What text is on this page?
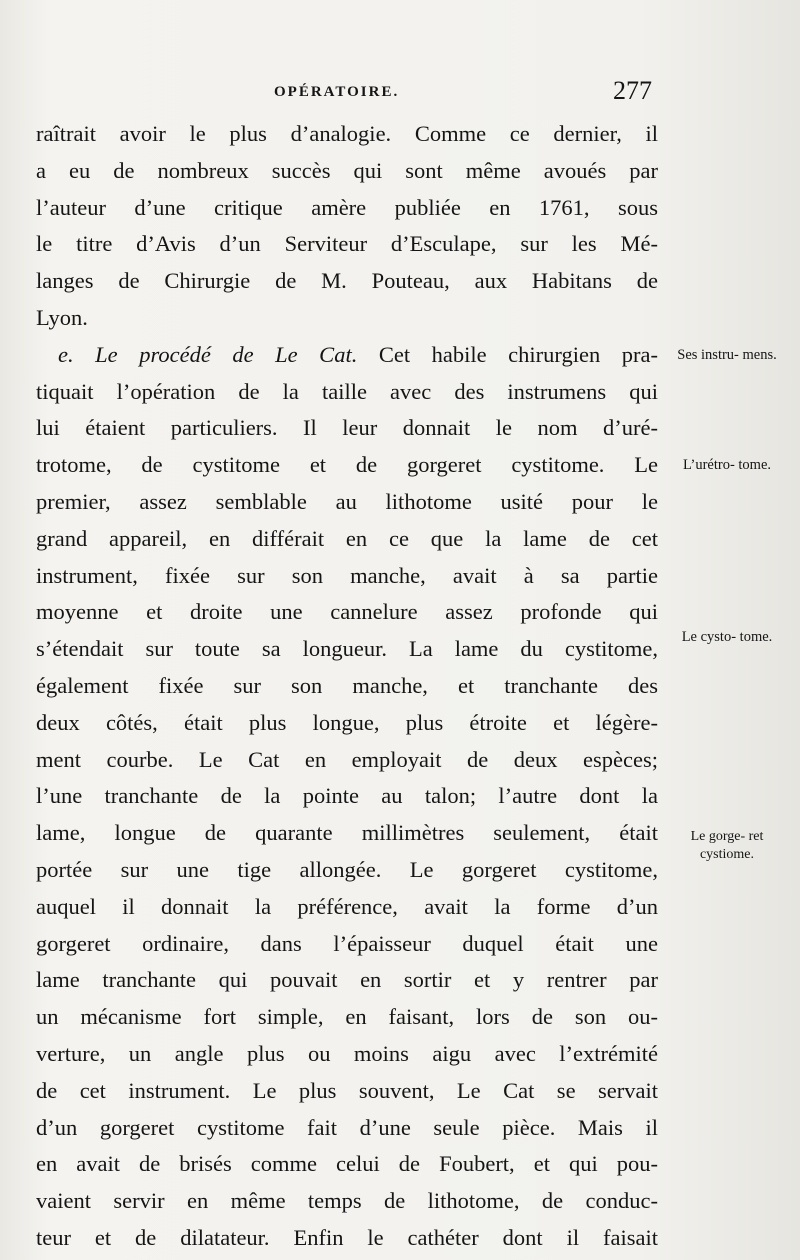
OPÉRATOIRE.	277
raîtrait avoir le plus d’analogie. Comme ce dernier, il
a eu de nombreux succès qui sont même avoués par
l’auteur d’une critique amère publiée en 1761, sous
le titre d’Avis d’un Serviteur d’Esculape, sur les Mé-
langes de Chirurgie de M. Pouteau, aux Habitans de
Lyon.
e. Le procédé de Le Cat. Cet habile chirurgien pra-
tiquait l’opération de la taille avec des instrumens qui
lui étaient particuliers. Il leur donnait le nom d’uré-
trotome, de cystitome et de gorgeret cystitome. Le
premier, assez semblable au lithotome usité pour le
grand appareil, en différait en ce que la lame de cet
instrument, fixée sur son manche, avait à sa partie
moyenne et droite une cannelure assez profonde qui
s’étendait sur toute sa longueur. La lame du cystitome,
également fixée sur son manche, et tranchante des
deux côtés, était plus longue, plus étroite et légère-
ment courbe. Le Cat en employait de deux espèces;
l’une tranchante de la pointe au talon; l’autre dont la
lame, longue de quarante millimètres seulement, était
portée sur une tige allongée. Le gorgeret cystitome,
auquel il donnait la préférence, avait la forme d’un
gorgeret ordinaire, dans l’épaisseur duquel était une
lame tranchante qui pouvait en sortir et y rentrer par
un mécanisme fort simple, en faisant, lors de son ou-
verture, un angle plus ou moins aigu avec l’extrémité
de cet instrument. Le plus souvent, Le Cat se servait
d’un gorgeret cystitome fait d’une seule pièce. Mais il
en avait de brisés comme celui de Foubert, et qui pou-
vaient servir en même temps de lithotome, de conduc-
teur et de dilatateur. Enfin le cathéter dont il faisait
Ses instru- mens.
L’urétro- tome.
Le cysto- tome.
Le gorge- ret cystiome.
